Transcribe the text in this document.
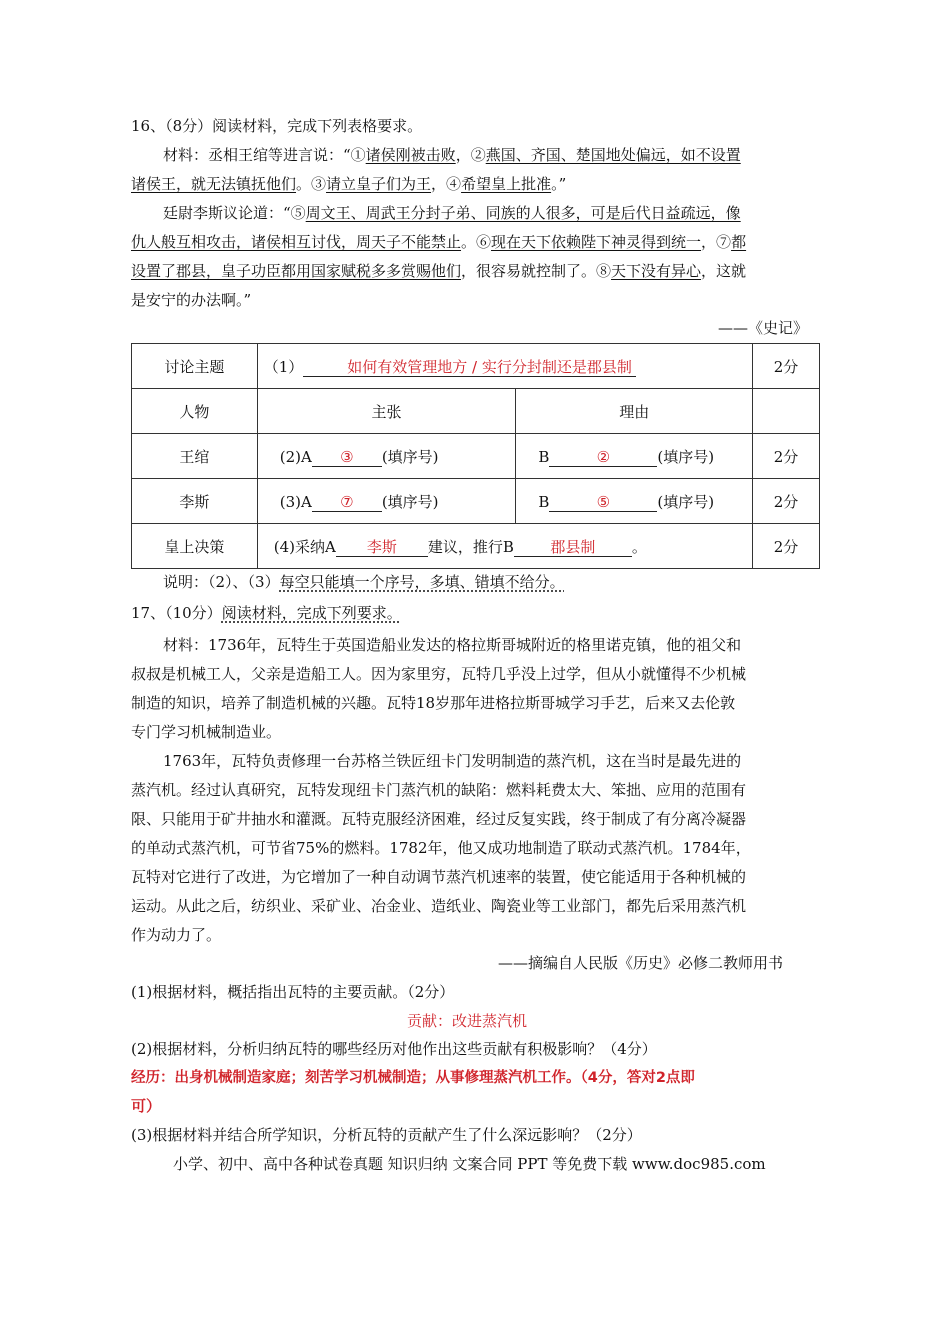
16、（8分）阅读材料，完成下列表格要求。
材料：丞相王绾等进言说：“①诸侯刚被击败，②燕国、齐国、楚国地处偏远，如不设置
诸侯王，就无法镇抚他们。③请立皇子们为王，④希望皇上批准。”
廷尉李斯议论道：“⑤周文王、周武王分封子弟、同族的人很多，可是后代日益疏远，像
仇人般互相攻击，诸侯相互讨伐，周天子不能禁止。⑥现在天下依赖陛下神灵得到统一，⑦都
设置了郡县，皇子功臣都用国家赋税多多赏赐他们，很容易就控制了。⑧天下没有异心，这就
是安宁的办法啊。”
——《史记》
讨论主题	（1） 如何有效管理地方 / 实行分封制还是郡县制		2分
人物	主张	理由	
王绾	(2)A ③ (填序号)	B ② (填序号)	2分
李斯	(3)A ⑦ (填序号)	B ⑤ (填序号)	2分
皇上决策	(4)采纳A 李斯 建议，推行B 郡县制 。		2分
说明：（2）、（3）每空只能填一个序号，多填、错填不给分。
17、（10分）阅读材料，完成下列要求。
材料：1736年，瓦特生于英国造船业发达的格拉斯哥城附近的格里诺克镇，他的祖父和
叔叔是机械工人，父亲是造船工人。因为家里穷，瓦特几乎没上过学，但从小就懂得不少机械
制造的知识，培养了制造机械的兴趣。瓦特18岁那年进格拉斯哥城学习手艺，后来又去伦敦
专门学习机械制造业。
1763年，瓦特负责修理一台苏格兰铁匠纽卡门发明制造的蒸汽机，这在当时是最先进的
蒸汽机。经过认真研究，瓦特发现纽卡门蒸汽机的缺陷：燃料耗费太大、笨拙、应用的范围有
限、只能用于矿井抽水和灌溉。瓦特克服经济困难，经过反复实践，终于制成了有分离冷凝器
的单动式蒸汽机，可节省75%的燃料。1782年，他又成功地制造了联动式蒸汽机。1784年，
瓦特对它进行了改进，为它增加了一种自动调节蒸汽机速率的装置，使它能适用于各种机械的
运动。从此之后，纺织业、采矿业、冶金业、造纸业、陶瓷业等工业部门，都先后采用蒸汽机
作为动力了。
——摘编自人民版《历史》必修二教师用书
(1)根据材料，概括指出瓦特的主要贡献。（2分）
贡献：改进蒸汽机
(2)根据材料，分析归纳瓦特的哪些经历对他作出这些贡献有积极影响？（4分）
经历：出身机械制造家庭；刻苦学习机械制造；从事修理蒸汽机工作。（4分，答对2点即
可）
(3)根据材料并结合所学知识，分析瓦特的贡献产生了什么深远影响？（2分）
小学、初中、高中各种试卷真题 知识归纳 文案合同 PPT 等免费下载 www.doc985.com
